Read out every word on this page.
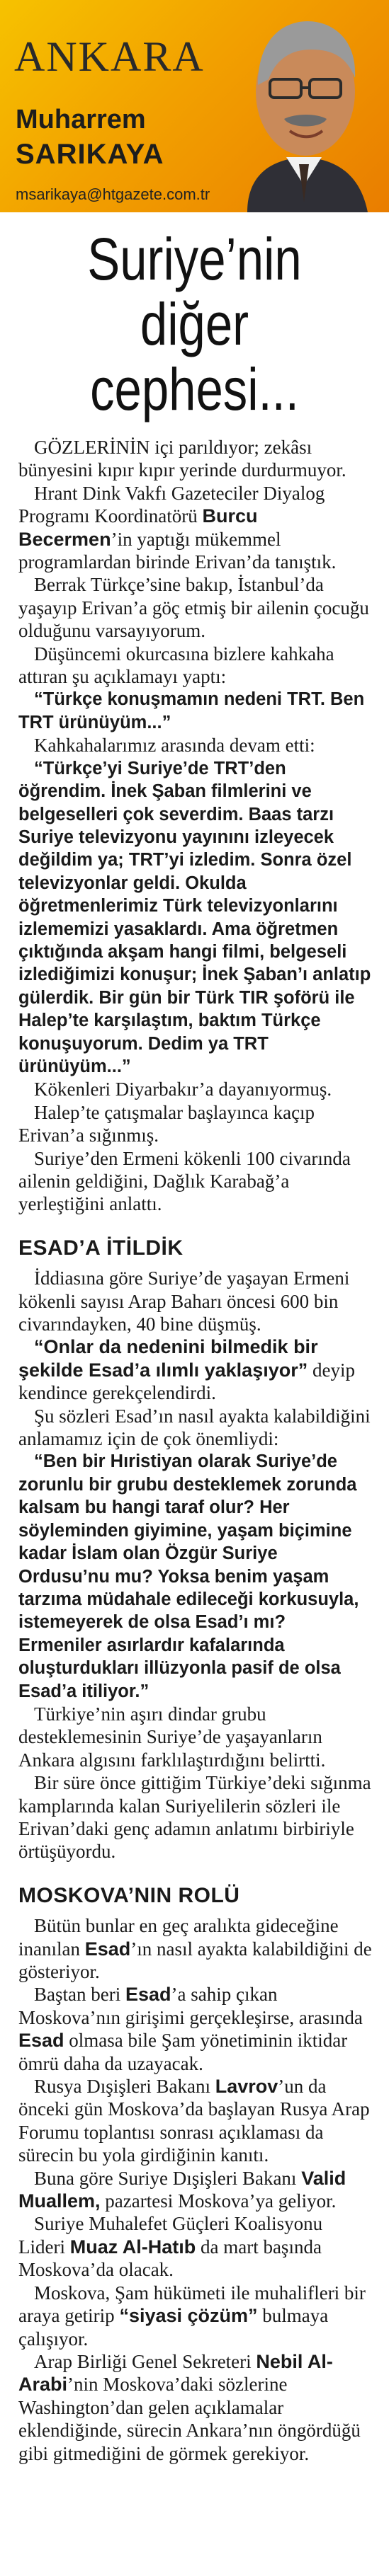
ANKARA
Muharrem
SARIKAYA
msarikaya@htgazete.com.tr
Suriye’nin
diğer cephesi...

GÖZLERİNİN içi parıldıyor; zekâsı bünyesini kıpır kıpır yerinde durdurmuyor.

Hrant Dink Vakfı Gazeteciler Diyalog Programı Koordinatörü Burcu Becermen’in yaptığı mükemmel programlardan birinde Erivan’da tanıştık.

Berrak Türkçe’sine bakıp, İstanbul’da yaşayıp Erivan’a göç etmiş bir ailenin çocuğu olduğunu varsayıyorum.

Düşüncemi okurcasına bizlere kahkaha attıran şu açıklamayı yaptı:

“Türkçe konuşmamın nedeni TRT. Ben TRT ürünüyüm...”

Kahkahalarımız arasında devam etti:

“Türkçe’yi Suriye’de TRT’den öğrendim. İnek Şaban filmlerini ve belgeselleri çok severdim. Baas tarzı Suriye televizyonu yayınını izleyecek değildim ya; TRT’yi izledim. Sonra özel televizyonlar geldi. Okulda öğretmenlerimiz Türk televizyonlarını izlememizi yasaklardı. Ama öğretmen çıktığında akşam hangi filmi, belgeseli izlediğimizi konuşur; İnek Şaban’ı anlatıp gülerdik. Bir gün bir Türk TIR şoförü ile Halep’te karşılaştım, baktım Türkçe konuşuyorum. Dedim ya TRT ürünüyüm...”

Kökenleri Diyarbakır’a dayanıyormuş.

Halep’te çatışmalar başlayınca kaçıp Erivan’a sığınmış.

Suriye’den Ermeni kökenli 100 civarında ailenin geldiğini, Dağlık Karabağ’a yerleştiğini anlattı.

ESAD’A İTİLDİK

İddiasına göre Suriye’de yaşayan Ermeni kökenli sayısı Arap Baharı öncesi 600 bin civarındayken, 40 bine düşmüş.

“Onlar da nedenini bilmedik bir şekilde Esad’a ılımlı yaklaşıyor” deyip kendince gerekçelendirdi.

Şu sözleri Esad’ın nasıl ayakta kalabildiğini anlamamız için de çok önemliydi:

“Ben bir Hıristiyan olarak Suriye’de zorunlu bir grubu desteklemek zorunda kalsam bu hangi taraf olur? Her söyleminden giyimine, yaşam biçimine kadar İslam olan Özgür Suriye Ordusu’nu mu? Yoksa benim yaşam tarzıma müdahale edileceği korkusuyla, istemeyerek de olsa Esad’ı mı? Ermeniler asırlardır kafalarında oluşturdukları illüzyonla pasif de olsa Esad’a itiliyor.”

Türkiye’nin aşırı dindar grubu desteklemesinin Suriye’de yaşayanların Ankara algısını farklılaştırdığını belirtti.

Bir süre önce gittiğim Türkiye’deki sığınma kamplarında kalan Suriyelilerin sözleri ile Erivan’daki genç adamın anlatımı birbiriyle örtüşüyordu.

MOSKOVA’NIN ROLÜ

Bütün bunlar en geç aralıkta gideceğine inanılan Esad’ın nasıl ayakta kalabildiğini de gösteriyor.

Baştan beri Esad’a sahip çıkan Moskova’nın girişimi gerçekleşirse, arasında Esad olmasa bile Şam yönetiminin iktidar ömrü daha da uzayacak.

Rusya Dışişleri Bakanı Lavrov’un da önceki gün Moskova’da başlayan Rusya Arap Forumu toplantısı sonrası açıklaması da sürecin bu yola girdiğinin kanıtı.

Buna göre Suriye Dışişleri Bakanı Valid Muallem, pazartesi Moskova’ya geliyor.

Suriye Muhalefet Güçleri Koalisyonu Lideri Muaz Al-Hatıb da mart başında Moskova’da olacak.

Moskova, Şam hükümeti ile muhalifleri bir araya getirip “siyasi çözüm” bulmaya çalışıyor.

Arap Birliği Genel Sekreteri Nebil Al-Arabi’nin Moskova’daki sözlerine Washington’dan gelen açıklamalar eklendiğinde, sürecin Ankara’nın öngördüğü gibi gitmediğini de görmek gerekiyor.
